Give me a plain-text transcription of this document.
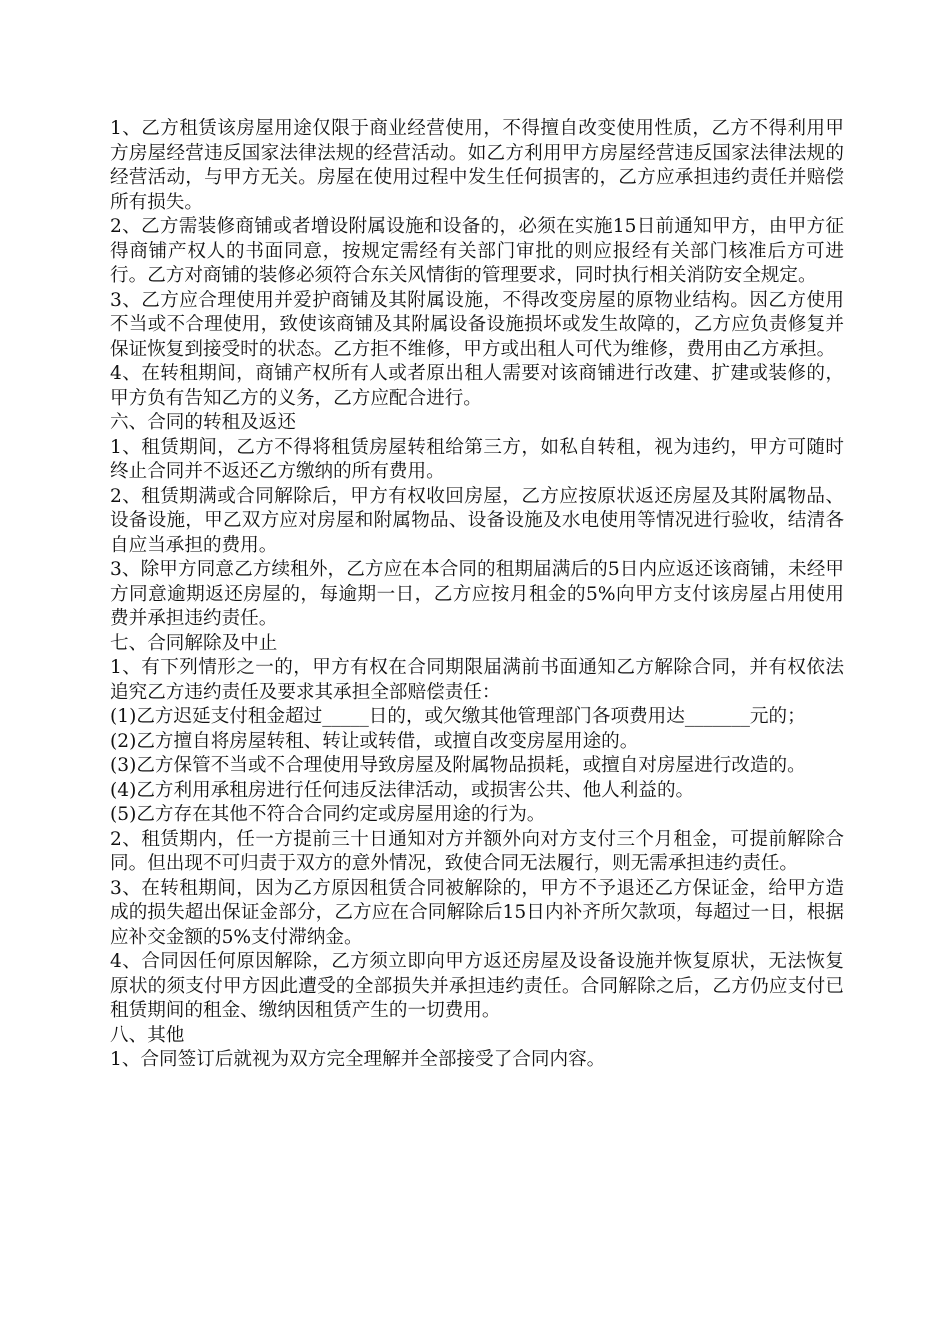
1、乙方租赁该房屋用途仅限于商业经营使用，不得擅自改变使用性质，乙方不得利用甲方房屋经营违反国家法律法规的经营活动。如乙方利用甲方房屋经营违反国家法律法规的经营活动，与甲方无关。房屋在使用过程中发生任何损害的，乙方应承担违约责任并赔偿所有损失。

2、乙方需装修商铺或者增设附属设施和设备的，必须在实施15日前通知甲方，由甲方征得商铺产权人的书面同意，按规定需经有关部门审批的则应报经有关部门核准后方可进行。乙方对商铺的装修必须符合东关风情街的管理要求，同时执行相关消防安全规定。

3、乙方应合理使用并爱护商铺及其附属设施，不得改变房屋的原物业结构。因乙方使用不当或不合理使用，致使该商铺及其附属设备设施损坏或发生故障的，乙方应负责修复并保证恢复到接受时的状态。乙方拒不维修，甲方或出租人可代为维修，费用由乙方承担。

4、在转租期间，商铺产权所有人或者原出租人需要对该商铺进行改建、扩建或装修的，甲方负有告知乙方的义务，乙方应配合进行。

六、合同的转租及返还

1、租赁期间，乙方不得将租赁房屋转租给第三方，如私自转租，视为违约，甲方可随时终止合同并不返还乙方缴纳的所有费用。

2、租赁期满或合同解除后，甲方有权收回房屋，乙方应按原状返还房屋及其附属物品、设备设施，甲乙双方应对房屋和附属物品、设备设施及水电使用等情况进行验收，结清各自应当承担的费用。

3、除甲方同意乙方续租外，乙方应在本合同的租期届满后的5日内应返还该商铺，未经甲方同意逾期返还房屋的，每逾期一日，乙方应按月租金的5%向甲方支付该房屋占用使用费并承担违约责任。

七、合同解除及中止

1、有下列情形之一的，甲方有权在合同期限届满前书面通知乙方解除合同，并有权依法追究乙方违约责任及要求其承担全部赔偿责任：

(1)乙方迟延支付租金超过_____日的，或欠缴其他管理部门各项费用达_______元的；

(2)乙方擅自将房屋转租、转让或转借，或擅自改变房屋用途的。

(3)乙方保管不当或不合理使用导致房屋及附属物品损耗，或擅自对房屋进行改造的。

(4)乙方利用承租房进行任何违反法律活动，或损害公共、他人利益的。

(5)乙方存在其他不符合合同约定或房屋用途的行为。

2、租赁期内，任一方提前三十日通知对方并额外向对方支付三个月租金，可提前解除合同。但出现不可归责于双方的意外情况，致使合同无法履行，则无需承担违约责任。

3、在转租期间，因为乙方原因租赁合同被解除的，甲方不予退还乙方保证金，给甲方造成的损失超出保证金部分，乙方应在合同解除后15日内补齐所欠款项，每超过一日，根据应补交金额的5%支付滞纳金。

4、合同因任何原因解除，乙方须立即向甲方返还房屋及设备设施并恢复原状，无法恢复原状的须支付甲方因此遭受的全部损失并承担违约责任。合同解除之后，乙方仍应支付已租赁期间的租金、缴纳因租赁产生的一切费用。

八、其他

1、合同签订后就视为双方完全理解并全部接受了合同内容。
